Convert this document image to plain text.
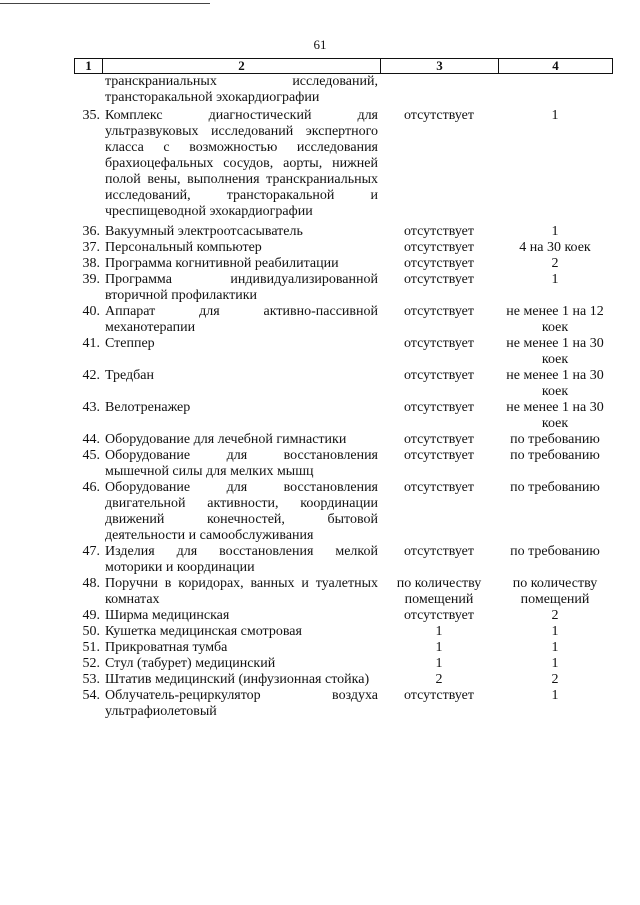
61
1	2	3	4
	транскраниальных исследований, трансторакальной эхокардиографии		
35.	Комплекс диагностический для ультразвуковых исследований экспертного класса с возможностью исследования брахиоцефальных сосудов, аорты, нижней полой вены, выполнения транскраниальных исследований, трансторакальной и чреспищеводной эхокардиографии	отсутствует	1
36.	Вакуумный электроотсасыватель	отсутствует	1
37.	Персональный компьютер	отсутствует	4 на 30 коек
38.	Программа когнитивной реабилитации	отсутствует	2
39.	Программа индивидуализированной вторичной профилактики	отсутствует	1
40.	Аппарат для активно-пассивной механотерапии	отсутствует	не менее 1 на 12 коек
41.	Степпер	отсутствует	не менее 1 на 30 коек
42.	Тредбан	отсутствует	не менее 1 на 30 коек
43.	Велотренажер	отсутствует	не менее 1 на 30 коек
44.	Оборудование для лечебной гимнастики	отсутствует	по требованию
45.	Оборудование для восстановления мышечной силы для мелких мышц	отсутствует	по требованию
46.	Оборудование для восстановления двигательной активности, координации движений конечностей, бытовой деятельности и самообслуживания	отсутствует	по требованию
47.	Изделия для восстановления мелкой моторики и координации	отсутствует	по требованию
48.	Поручни в коридорах, ванных и туалетных комнатах	по количеству помещений	по количеству помещений
49.	Ширма медицинская	отсутствует	2
50.	Кушетка медицинская смотровая	1	1
51.	Прикроватная тумба	1	1
52.	Стул (табурет) медицинский	1	1
53.	Штатив медицинский (инфузионная стойка)	2	2
54.	Облучатель-рециркулятор воздуха ультрафиолетовый	отсутствует	1
